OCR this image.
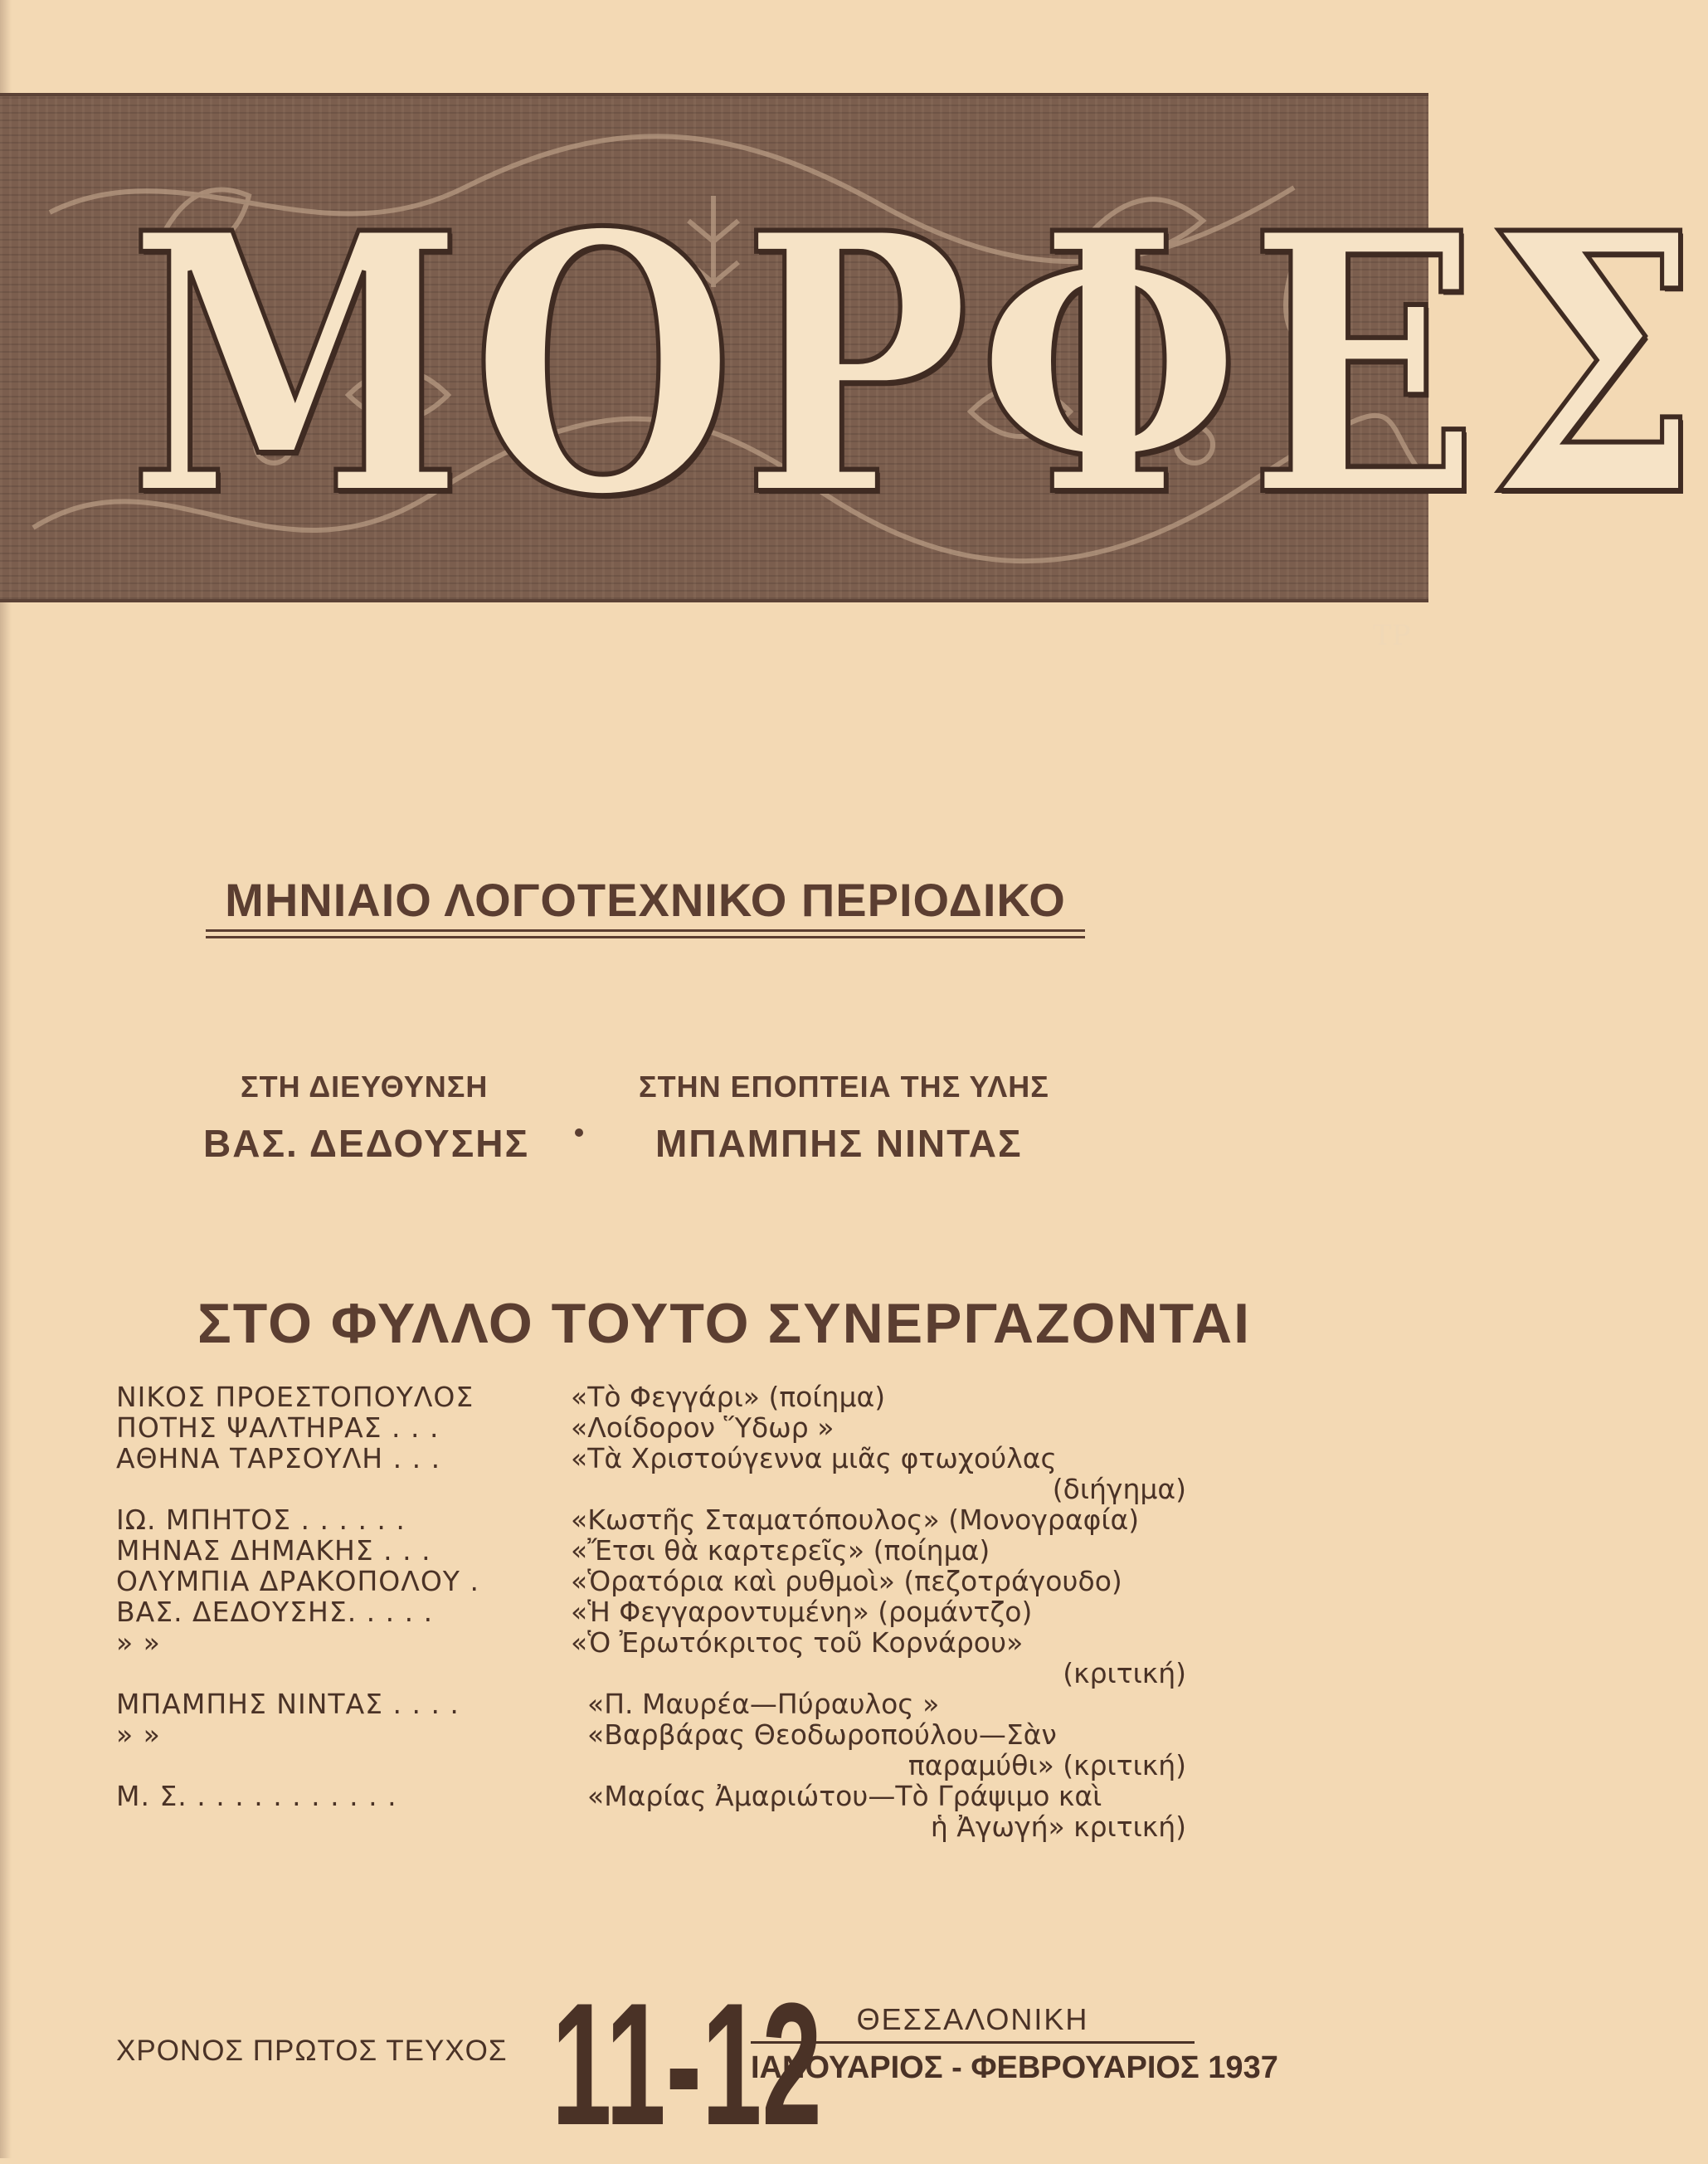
ΜΟΡΦΕΣ
ΤΡ
ΜΗΝΙΑΙΟ ΛΟΓΟΤΕΧΝΙΚΟ ΠΕΡΙΟΔΙΚΟ
ΣΤΗ ΔΙΕΥΘΥΝΣΗ
ΒΑΣ. ΔΕΔΟΥΣΗΣ
ΣΤΗΝ ΕΠΟΠΤΕΙΑ ΤΗΣ ΥΛΗΣ
ΜΠΑΜΠΗΣ ΝΙΝΤΑΣ
ΣΤΟ ΦΥΛΛΟ ΤΟΥΤΟ ΣΥΝΕΡΓΑΖΟΝΤΑΙ
ΝΙΚΟΣ ΠΡΟΕΣΤΟΠΟΥΛΟΣ	«Τὸ Φεγγάρι» (ποίημα)
ΠΟΤΗΣ ΨΑΛΤΗΡΑΣ . . .	«Λοίδορον Ὕδωρ »
ΑΘΗΝΑ ΤΑΡΣΟΥΛΗ . . .	«Τὰ Χριστούγεννα μιᾶς φτωχούλας
(διήγημα)
ΙΩ. ΜΠΗΤΟΣ . . . . . .	«Κωστῆς Σταματόπουλος» (Μονογραφία)
ΜΗΝΑΣ ΔΗΜΑΚΗΣ . . .	«Ἔτσι θὰ καρτερεῖς» (ποίημα)
ΟΛΥΜΠΙΑ ΔΡΑΚΟΠΟΛΟΥ .	«Ὁρατόρια καὶ ρυθμοὶ» (πεζοτράγουδο)
ΒΑΣ. ΔΕΔΟΥΣΗΣ. . . . .	«Ἡ Φεγγαροντυμένη» (ρομάντζο)
» »	«Ὁ Ἐρωτόκριτος τοῦ Κορνάρου»
(κριτική)
ΜΠΑΜΠΗΣ ΝΙΝΤΑΣ . . . .	«Π. Μαυρέα—Πύραυλος »
» »	«Βαρβάρας Θεοδωροπούλου—Σὰν
παραμύθι» (κριτική)
Μ. Σ. . . . . . . . . . . .	«Μαρίας Ἀμαριώτου—Τὸ Γράψιμο καὶ
ἡ Ἀγωγή» κριτική)
ΧΡΟΝΟΣ ΠΡΩΤΟΣ ΤΕΥΧΟΣ 11-12	ΘΕΣΣΑΛΟΝΙΚΗ
ΙΑΝΟΥΑΡΙΟΣ - ΦΕΒΡΟΥΑΡΙΟΣ 1937
